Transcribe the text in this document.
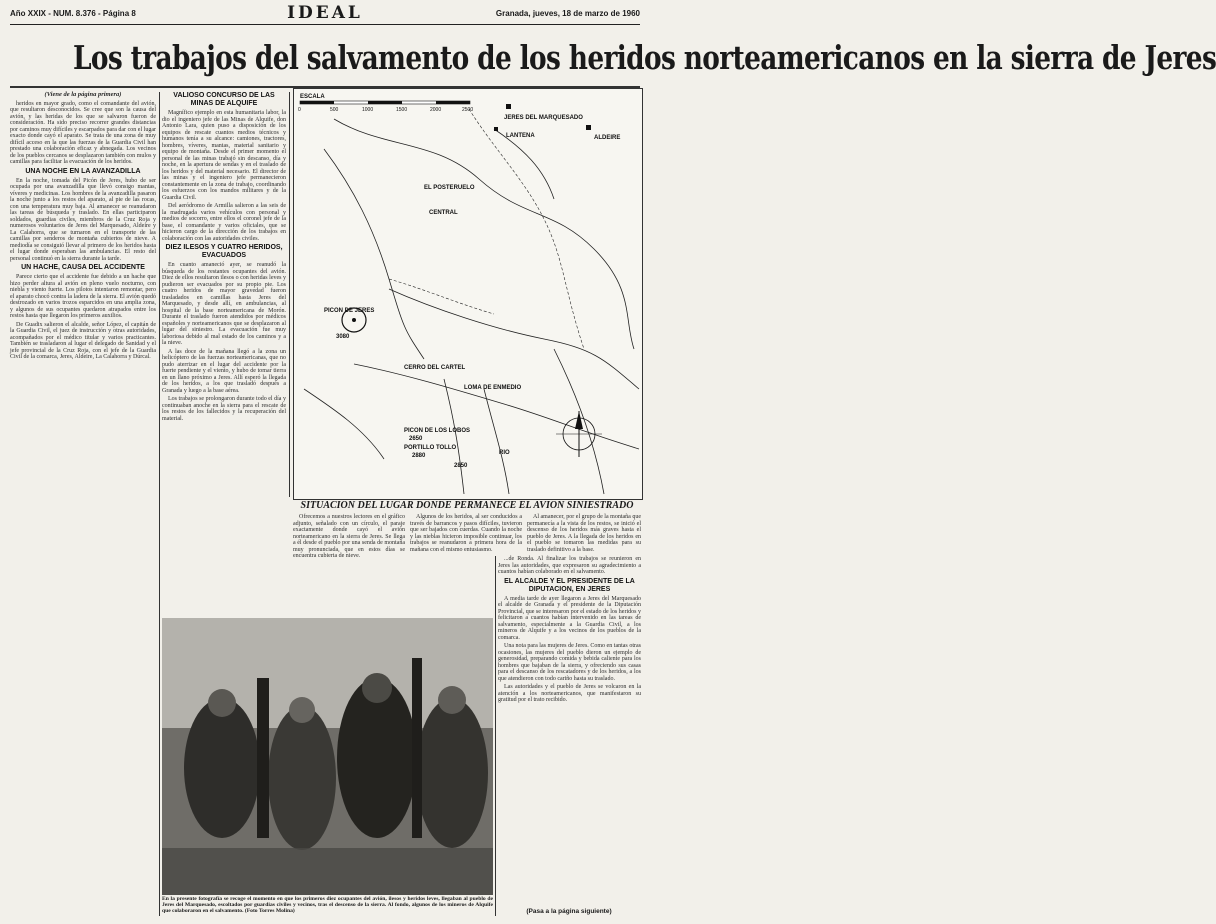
Año XXIX - NUM. 8.376 - Página 8	IDEAL	Granada, jueves, 18 de marzo de 1960
Los trabajos del salvamento de los heridos norteamericanos en la sierra de Jeres

(Viene de la página primera)

heridos en mayor grado, como el comandante del avión, que resultaron desconocidos. Se cree que son la causa del avión, y las heridas de los que se salvaron fueron de consideración. Ha sido preciso recorrer grandes distancias por caminos muy difíciles y escarpados para dar con el lugar exacto donde cayó el aparato. Se trata de una zona de muy difícil acceso en la que las fuerzas de la Guardia Civil han prestado una colaboración eficaz y abnegada. Los vecinos de los pueblos cercanos se desplazaron también con mulos y camillas para facilitar la evacuación de los heridos.

UNA NOCHE EN LA AVANZADILLA

En la noche, tomada del Picón de Jeres, hubo de ser ocupada por una avanzadilla que llevó consigo mantas, víveres y medicinas. Los hombres de la avanzadilla pasaron la noche junto a los restos del aparato, al pie de las rocas, con una temperatura muy baja. Al amanecer se reanudaron las tareas de búsqueda y traslado. En ellas participaron soldados, guardias civiles, miembros de la Cruz Roja y numerosos voluntarios de Jeres del Marquesado, Aldeire y La Calahorra, que se turnaron en el transporte de las camillas por senderos de montaña cubiertos de nieve. A mediodía se consiguió llevar al primero de los heridos hasta el lugar donde esperaban las ambulancias. El resto del personal continuó en la sierra durante la tarde.

UN HACHE, CAUSA DEL ACCIDENTE

Parece cierto que el accidente fue debido a un hache que hizo perder altura al avión en pleno vuelo nocturno, con niebla y viento fuerte. Los pilotos intentaron remontar, pero el aparato chocó contra la ladera de la sierra. El avión quedó destrozado en varios trozos esparcidos en una amplia zona, y algunos de sus ocupantes quedaron atrapados entre los restos hasta que llegaron los primeros auxilios.

De Guadix salieron el alcalde, señor López, el capitán de la Guardia Civil, el juez de instrucción y otras autoridades, acompañados por el médico titular y varios practicantes. También se trasladaron al lugar el delegado de Sanidad y el jefe provincial de la Cruz Roja, con el jefe de la Guardia Civil de la comarca, Jeres, Aldeire, La Calahorra y Dúrcal.

VALIOSO CONCURSO DE LAS MINAS DE ALQUIFE

Magnífico ejemplo en esta humanitaria labor, la dio el ingeniero jefe de las Minas de Alquife, don Antonio Lara, quien puso a disposición de los equipos de rescate cuantos medios técnicos y humanos tenía a su alcance: camiones, tractores, hombres, víveres, mantas, material sanitario y equipo de montaña. Desde el primer momento el personal de las minas trabajó sin descanso, día y noche, en la apertura de sendas y en el traslado de los heridos y del material necesario. El director de las minas y el ingeniero jefe permanecieron constantemente en la zona de trabajo, coordinando los esfuerzos con los mandos militares y de la Guardia Civil.

Del aeródromo de Armilla salieron a las seis de la madrugada varios vehículos con personal y medios de socorro, entre ellos el coronel jefe de la base, el comandante y varios oficiales, que se hicieron cargo de la dirección de los trabajos en colaboración con las autoridades civiles.

DIEZ ILESOS Y CUATRO HERIDOS, EVACUADOS

En cuanto amaneció ayer, se reanudó la búsqueda de los restantes ocupantes del avión. Diez de ellos resultaron ilesos o con heridas leves y pudieron ser evacuados por su propio pie. Los cuatro heridos de mayor gravedad fueron trasladados en camillas hasta Jeres del Marquesado, y desde allí, en ambulancias, al hospital de la base norteamericana de Morón. Durante el traslado fueron atendidos por médicos españoles y norteamericanos que se desplazaron al lugar del siniestro. La evacuación fue muy laboriosa debido al mal estado de los caminos y a la nieve.

A las doce de la mañana llegó a la zona un helicóptero de las fuerzas norteamericanas, que no pudo aterrizar en el lugar del accidente por la fuerte pendiente y el viento, y hubo de tomar tierra en un llano próximo a Jeres. Allí esperó la llegada de los heridos, a los que trasladó después a Granada y luego a la base aérea.

Los trabajos se prolongaron durante todo el día y continuaban anoche en la sierra para el rescate de los restos de los fallecidos y la recuperación del material.

ESCALA
0	500	1000	1500	2000	2500
JERES DEL MARQUESADO
ALDEIRE
LANTENA
EL POSTERUELO
CENTRAL
PICON DE JERES
3080
CERRO DEL CARTEL
LOMA DE ENMEDIO
PICON DE LOS LOBOS
2650
PORTILLO TOLLO
2880	RIO
2850
SITUACION DEL LUGAR DONDE PERMANECE EL AVION SINIESTRADO

Ofrecemos a nuestros lectores en el gráfico adjunto, señalado con un círculo, el paraje exactamente donde cayó el avión norteamericano en la sierra de Jeres. Se llega a él desde el pueblo por una senda de montaña muy pronunciada, que en estos días se encuentra cubierta de nieve.

Algunos de los heridos, al ser conducidos a través de barrancos y pasos difíciles, tuvieron que ser bajados con cuerdas. Cuando la noche y las nieblas hicieron imposible continuar, los trabajos se reanudaron a primera hora de la mañana con el mismo entusiasmo.

Al amanecer, por el grupo de la montaña que permanecía a la vista de los restos, se inició el descenso de los heridos más graves hasta el pueblo de Jeres. A la llegada de los heridos en el pueblo se tomaron las medidas para su traslado definitivo a la base.

...de Ronda. Al finalizar los trabajos se reunieron en Jeres las autoridades, que expresaron su agradecimiento a cuantos habían colaborado en el salvamento.

EL ALCALDE Y EL PRESIDENTE DE LA DIPUTACION, EN JERES

A media tarde de ayer llegaron a Jeres del Marquesado el alcalde de Granada y el presidente de la Diputación Provincial, que se interesaron por el estado de los heridos y felicitaron a cuantos habían intervenido en las tareas de salvamento, especialmente a la Guardia Civil, a los mineros de Alquife y a los vecinos de los pueblos de la comarca.

Una nota para las mujeres de Jeres. Como en tantas otras ocasiones, las mujeres del pueblo dieron un ejemplo de generosidad, preparando comida y bebida caliente para los hombres que bajaban de la sierra, y ofreciendo sus casas para el descanso de los rescatadores y de los heridos, a los que atendieron con todo cariño hasta su traslado.

Las autoridades y el pueblo de Jeres se volcaron en la atención a los norteamericanos, que manifestaron su gratitud por el trato recibido.

En la presente fotografía se recoge el momento en que los primeros diez ocupantes del avión, ilesos y heridos leves, llegaban al pueblo de Jeres del Marquesado, escoltados por guardias civiles y vecinos, tras el descenso de la sierra. Al fondo, algunos de los mineros de Alquife que colaboraron en el salvamento. (Foto Torres Molina)	(Pasa a la página siguiente)
